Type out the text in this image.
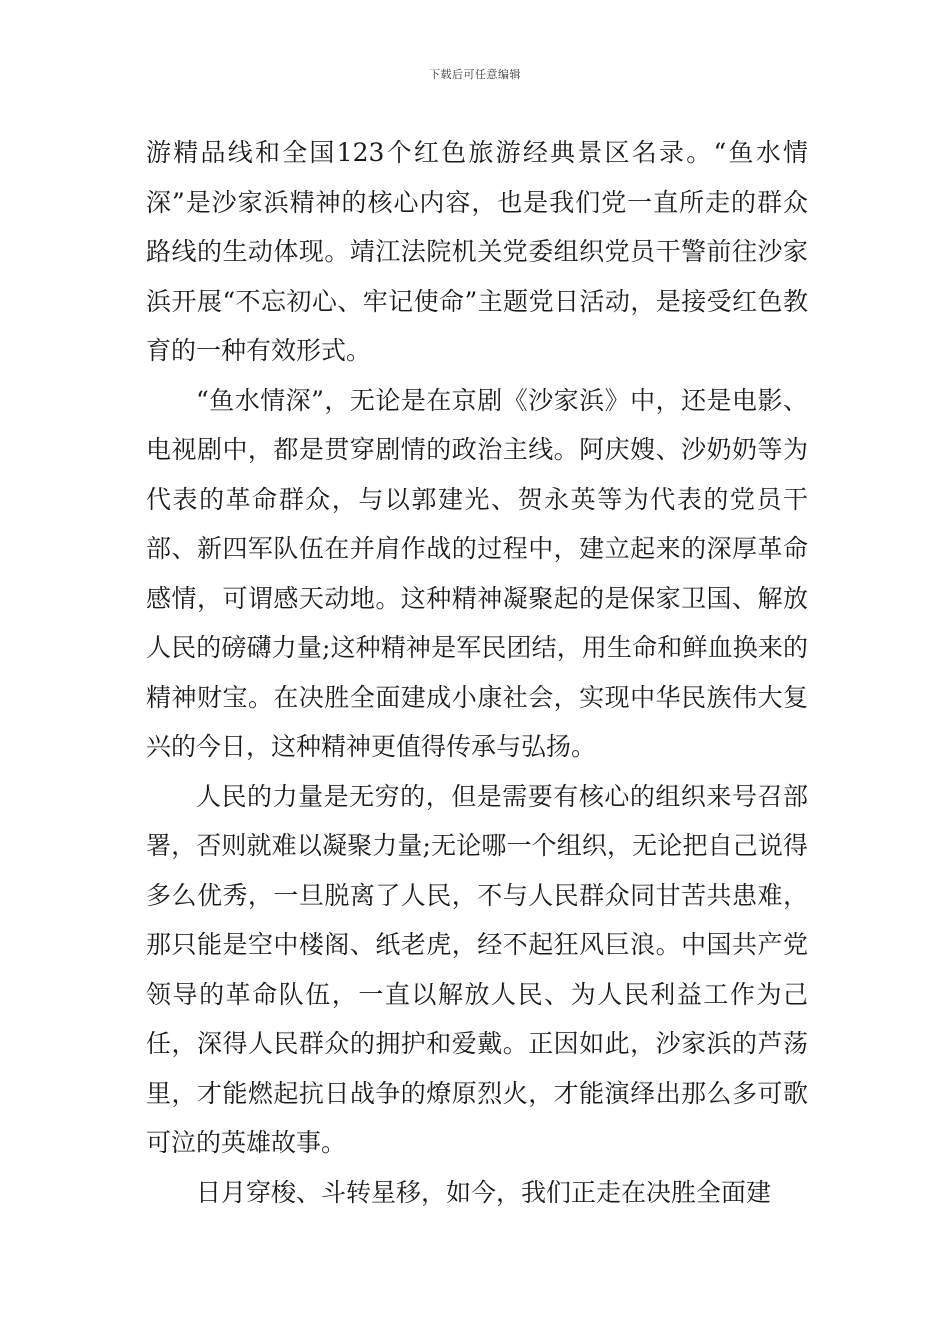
下载后可任意编辑

游精品线和全国123个红色旅游经典景区名录。“鱼水情深”是沙家浜精神的核心内容，也是我们党一直所走的群众路线的生动体现。靖江法院机关党委组织党员干警前往沙家浜开展“不忘初心、牢记使命”主题党日活动，是接受红色教育的一种有效形式。

“鱼水情深”，无论是在京剧《沙家浜》中，还是电影、电视剧中，都是贯穿剧情的政治主线。阿庆嫂、沙奶奶等为代表的革命群众，与以郭建光、贺永英等为代表的党员干部、新四军队伍在并肩作战的过程中，建立起来的深厚革命感情，可谓感天动地。这种精神凝聚起的是保家卫国、解放人民的磅礴力量;这种精神是军民团结，用生命和鲜血换来的精神财宝。在决胜全面建成小康社会，实现中华民族伟大复兴的今日，这种精神更值得传承与弘扬。

人民的力量是无穷的，但是需要有核心的组织来号召部署，否则就难以凝聚力量;无论哪一个组织，无论把自己说得多么优秀，一旦脱离了人民，不与人民群众同甘苦共患难，那只能是空中楼阁、纸老虎，经不起狂风巨浪。中国共产党领导的革命队伍，一直以解放人民、为人民利益工作为己任，深得人民群众的拥护和爱戴。正因如此，沙家浜的芦荡里，才能燃起抗日战争的燎原烈火，才能演绎出那么多可歌可泣的英雄故事。

日月穿梭、斗转星移，如今，我们正走在决胜全面建
